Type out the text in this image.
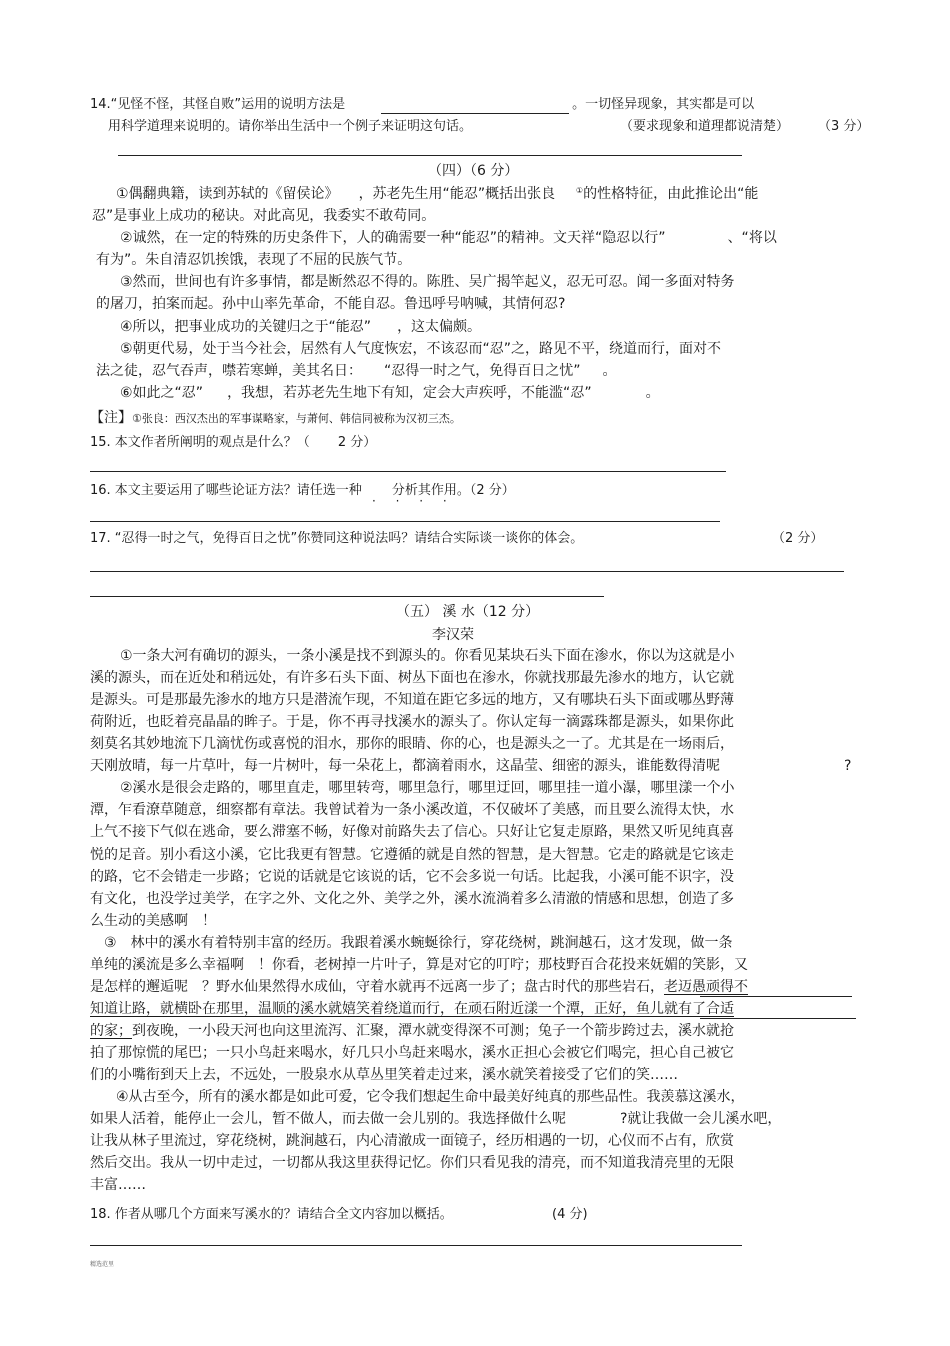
14.“见怪不怪，其怪自败”运用的说明方法是	。一切怪异现象，其实都是可以
用科学道理来说明的。请你举出生活中一个例子来证明这句话。	（要求现象和道理都说清楚） （3 分）
（四）（6 分）
①偶翻典籍，读到苏轼的《留侯论》 ，苏老先生用“能忍”概括出张良	①的性格特征，由此推论出“能
忍”是事业上成功的秘诀。对此高见，我委实不敢苟同。
②诚然，在一定的特殊的历史条件下，人的确需要一种“能忍”的精神。文天祥“隐忍以行”	、“将以
有为”。朱自清忍饥挨饿，表现了不屈的民族气节。
③然而，世间也有许多事情，都是断然忍不得的。陈胜、吴广揭竿起义，忍无可忍。闻一多面对特务
的屠刀，拍案而起。孙中山率先革命，不能自忍。鲁迅呼号呐喊，其情何忍?
④所以，把事业成功的关键归之于“能忍” ，这太偏颇。
⑤朝更代易，处于当今社会，居然有人气度恢宏，不该忍而“忍”之，路见不平，绕道而行，面对不
法之徒，忍气吞声，噤若寒蝉，美其名日： “忍得一时之气，免得百日之忧” 。
⑥如此之“忍” ，我想，若苏老先生地下有知，定会大声疾呼，不能滥“忍”	。
【注】①张良：西汉杰出的军事谋略家，与萧何、韩信同被称为汉初三杰。
15. 本文作者所阐明的观点是什么？（ 2 分）
16. 本文主要运用了哪些论证方法？请任选一种 分析其作用。（2 分）
· · · ·
17. “忍得一时之气，免得百日之忧”你赞同这种说法吗？请结合实际谈一谈你的体会。	（2 分）
（五） 溪 水（12 分）
李汉荣
①一条大河有确切的源头，一条小溪是找不到源头的。你看见某块石头下面在渗水，你以为这就是小
溪的源头，而在近处和稍远处，有许多石头下面、树丛下面也在渗水，你就找那最先渗水的地方，认它就
是源头。可是那最先渗水的地方只是潜流乍现，不知道在距它多远的地方，又有哪块石头下面或哪丛野薄
荷附近，也眨着亮晶晶的眸子。于是，你不再寻找溪水的源头了。你认定每一滴露珠都是源头，如果你此
刻莫名其妙地流下几滴忧伤或喜悦的泪水，那你的眼睛、你的心，也是源头之一了。尤其是在一场雨后，
天刚放晴，每一片草叶，每一片树叶，每一朵花上，都滴着雨水，这晶莹、细密的源头，谁能数得清呢	?
②溪水是很会走路的，哪里直走，哪里转弯，哪里急行，哪里迂回，哪里挂一道小瀑，哪里漾一个小
潭，乍看潦草随意，细察都有章法。我曾试着为一条小溪改道，不仅破坏了美感，而且要么流得太快，水
上气不接下气似在逃命，要么滞塞不畅，好像对前路失去了信心。只好让它复走原路，果然又听见纯真喜
悦的足音。别小看这小溪，它比我更有智慧。它遵循的就是自然的智慧，是大智慧。它走的路就是它该走
的路，它不会错走一步路；它说的话就是它该说的话，它不会多说一句话。比起我，小溪可能不识字，没
有文化，也没学过美学，在字之外、文化之外、美学之外，溪水流淌着多么清澈的情感和思想，创造了多
么生动的美感啊　！
③　林中的溪水有着特别丰富的经历。我跟着溪水蜿蜒徐行，穿花绕树，跳涧越石，这才发现，做一条
单纯的溪流是多么幸福啊　！你看，老树掉一片叶子，算是对它的叮咛；那枝野百合花投来妩媚的笑影，又
是怎样的邂逅呢　？野水仙果然得水成仙，守着水就再不远离一步了；盘古时代的那些岩石，老迈愚顽得不
知道让路，就横卧在那里，温顺的溪水就嬉笑着绕道而行，在顽石附近漾一个潭，正好，鱼儿就有了合适
的家；到夜晚，一小段天河也向这里流泻、汇聚，潭水就变得深不可测；兔子一个箭步跨过去，溪水就抢
拍了那惊慌的尾巴；一只小鸟赶来喝水，好几只小鸟赶来喝水，溪水正担心会被它们喝完，担心自己被它
们的小嘴衔到天上去，不远处，一股泉水从草丛里笑着走过来，溪水就笑着接受了它们的笑……
④从古至今，所有的溪水都是如此可爱，它令我们想起生命中最美好纯真的那些品性。我羡慕这溪水，
如果人活着，能停止一会儿，暂不做人，而去做一会儿别的。我选择做什么呢	?就让我做一会儿溪水吧，
让我从林子里流过，穿花绕树，跳涧越石，内心清澈成一面镜子，经历相遇的一切，心仪而不占有，欣赏
然后交出。我从一切中走过，一切都从我这里获得记忆。你们只看见我的清亮，而不知道我清亮里的无限
丰富……
18. 作者从哪几个方面来写溪水的？请结合全文内容加以概括。	(4 分)
精选范里
